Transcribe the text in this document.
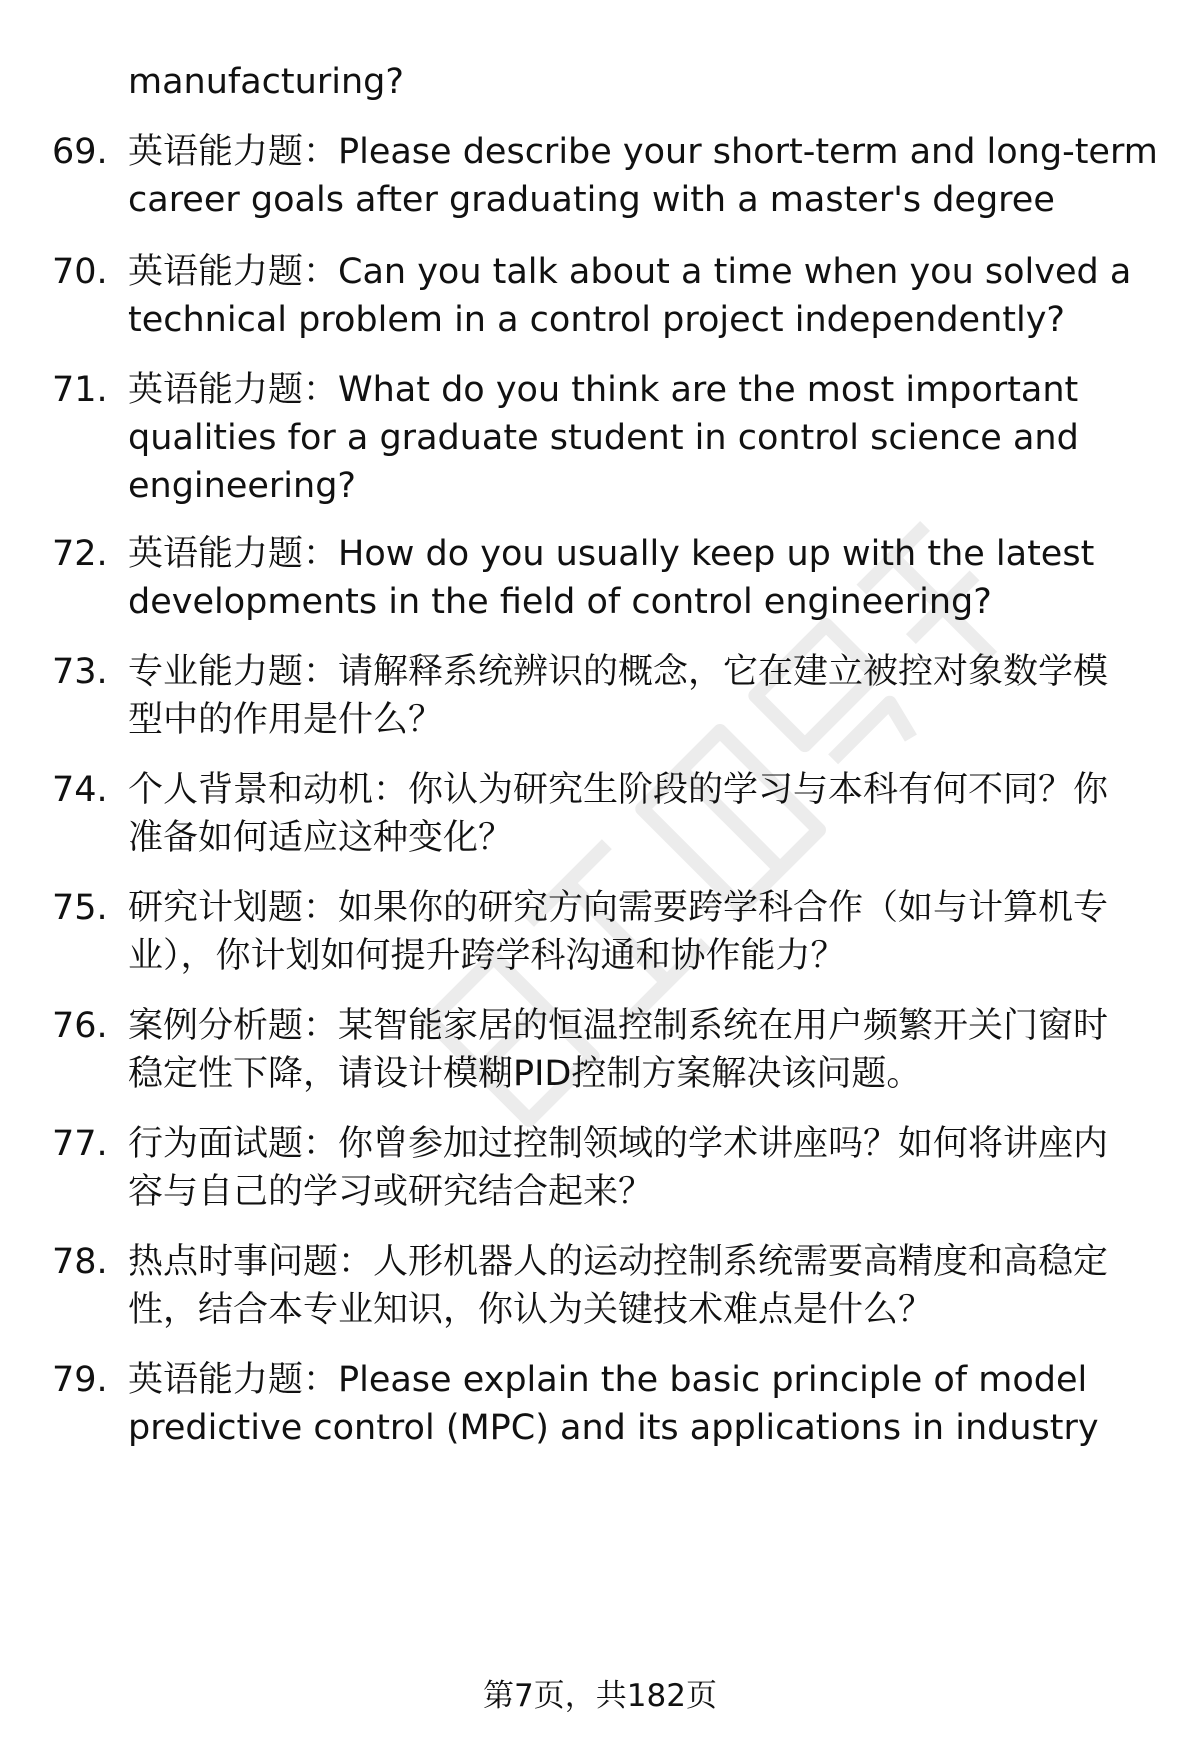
manufacturing?
69. 英语能力题：Please describe your short-term and long-term
career goals after graduating with a master's degree
70. 英语能力题：Can you talk about a time when you solved a
technical problem in a control project independently?
71. 英语能力题：What do you think are the most important
qualities for a graduate student in control science and
engineering?
72. 英语能力题：How do you usually keep up with the latest
developments in the field of control engineering?
73. 专业能力题：请解释系统辨识的概念，它在建立被控对象数学模
型中的作用是什么？
74. 个人背景和动机：你认为研究生阶段的学习与本科有何不同？你
准备如何适应这种变化？
75. 研究计划题：如果你的研究方向需要跨学科合作（如与计算机专
业），你计划如何提升跨学科沟通和协作能力？
76. 案例分析题：某智能家居的恒温控制系统在用户频繁开关门窗时
稳定性下降，请设计模糊PID控制方案解决该问题。
77. 行为面试题：你曾参加过控制领域的学术讲座吗？如何将讲座内
容与自己的学习或研究结合起来？
78. 热点时事问题：人形机器人的运动控制系统需要高精度和高稳定
性，结合本专业知识，你认为关键技术难点是什么？
79. 英语能力题：Please explain the basic principle of model
predictive control (MPC) and its applications in industry
第7页，共182页
